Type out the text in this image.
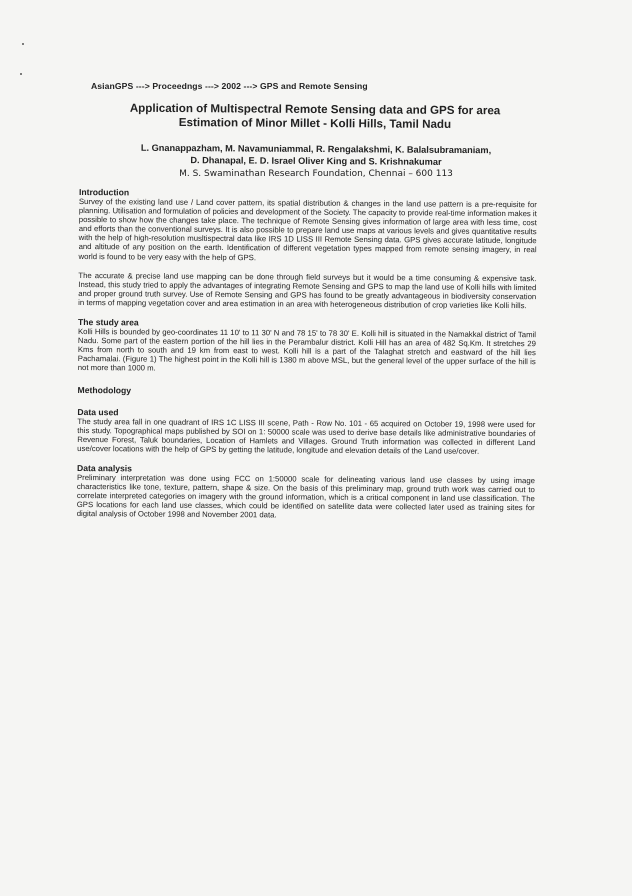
AsianGPS ---> Proceedngs ---> 2002 ---> GPS and Remote Sensing
Application of Multispectral Remote Sensing data and GPS for area
Estimation of Minor Millet - Kolli Hills, Tamil Nadu
L. Gnanappazham, M. Navamuniammal, R. Rengalakshmi, K. Balalsubramaniam,
D. Dhanapal, E. D. Israel Oliver King and S. Krishnakumar
M. S. Swaminathan Research Foundation, Chennai – 600 113
Introduction

Survey of the existing land use / Land cover pattern, its spatial distribution & changes in the land use pattern is a pre-requisite for planning. Utilisation and formulation of policies and development of the Society. The capacity to provide real-time information makes it possible to show how the changes take place. The technique of Remote Sensing gives information of large area with less time, cost and efforts than the conventional surveys. It is also possible to prepare land use maps at various levels and gives quantitative results with the help of high-resolution musltispectral data like IRS 1D LISS III Remote Sensing data. GPS gives accurate latitude, longitude and altitude of any position on the earth. Identification of different vegetation types mapped from remote sensing imagery, in real world is found to be very easy with the help of GPS.

The accurate & precise land use mapping can be done through field surveys but it would be a time consuming & expensive task. Instead, this study tried to apply the advantages of integrating Remote Sensing and GPS to map the land use of Kolli hills with limited and proper ground truth survey. Use of Remote Sensing and GPS has found to be greatly advantageous in biodiversity conservation in terms of mapping vegetation cover and area estimation in an area with heterogeneous distribution of crop varieties like Kolli hills.

The study area

Kolli Hills is bounded by geo-coordinates 11 10' to 11 30' N and 78 15' to 78 30' E. Kolli hill is situated in the Namakkal district of Tamil Nadu. Some part of the eastern portion of the hill lies in the Perambalur district. Kolli Hill has an area of 482 Sq.Km. It stretches 29 Kms from north to south and 19 km from east to west. Kolli hill is a part of the Talaghat stretch and eastward of the hill lies Pachamalai. (Figure 1) The highest point in the Kolli hill is 1380 m above MSL, but the general level of the upper surface of the hill is not more than 1000 m.

Methodology
Data used

The study area fall in one quadrant of IRS 1C LISS III scene, Path - Row No. 101 - 65 acquired on October 19, 1998 were used for this study. Topographical maps published by SOI on 1: 50000 scale was used to derive base details like administrative boundaries of Revenue Forest, Taluk boundaries, Location of Hamlets and Villages. Ground Truth information was collected in different Land use/cover locations with the help of GPS by getting the latitude, longitude and elevation details of the Land use/cover.

Data analysis

Preliminary interpretation was done using FCC on 1:50000 scale for delineating various land use classes by using image characteristics like tone, texture, pattern, shape & size. On the basis of this preliminary map, ground truth work was carried out to correlate interpreted categories on imagery with the ground information, which is a critical component in land use classification. The GPS locations for each land use classes, which could be identified on satellite data were collected later used as training sites for digital analysis of October 1998 and November 2001 data.
